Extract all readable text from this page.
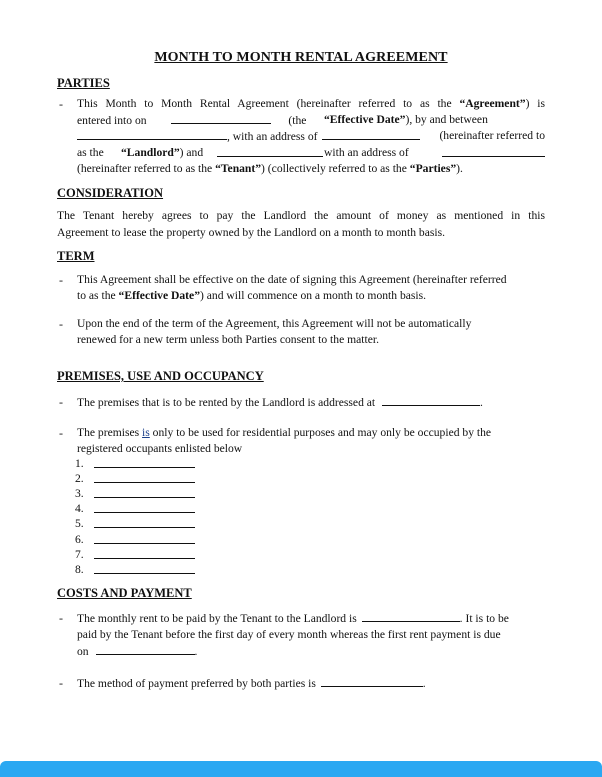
MONTH TO MONTH RENTAL AGREEMENT
PARTIES
- This Month to Month Rental Agreement (hereinafter referred to as the “Agreement”) is
entered into on	(the “Effective Date”), by and between
, with an address of	(hereinafter referred to
as the “Landlord”) and	with an address of
(hereinafter referred to as the “Tenant”) (collectively referred to as the “Parties”).
CONSIDERATION
The Tenant hereby agrees to pay the Landlord the amount of money as mentioned in this
Agreement to lease the property owned by the Landlord on a month to month basis.
TERM
- This Agreement shall be effective on the date of signing this Agreement (hereinafter referred
to as the “Effective Date”) and will commence on a month to month basis.
- Upon the end of the term of the Agreement, this Agreement will not be automatically
renewed for a new term unless both Parties consent to the matter.
PREMISES, USE AND OCCUPANCY
- The premises that is to be rented by the Landlord is addressed at	.
- The premises is only to be used for residential purposes and may only be occupied by the
registered occupants enlisted below
1.
2.
3.
4.
5.
6.
7.
8.
COSTS AND PAYMENT
- The monthly rent to be paid by the Tenant to the Landlord is	. It is to be
paid by the Tenant before the first day of every month whereas the first rent payment is due
on	.
- The method of payment preferred by both parties is	.
